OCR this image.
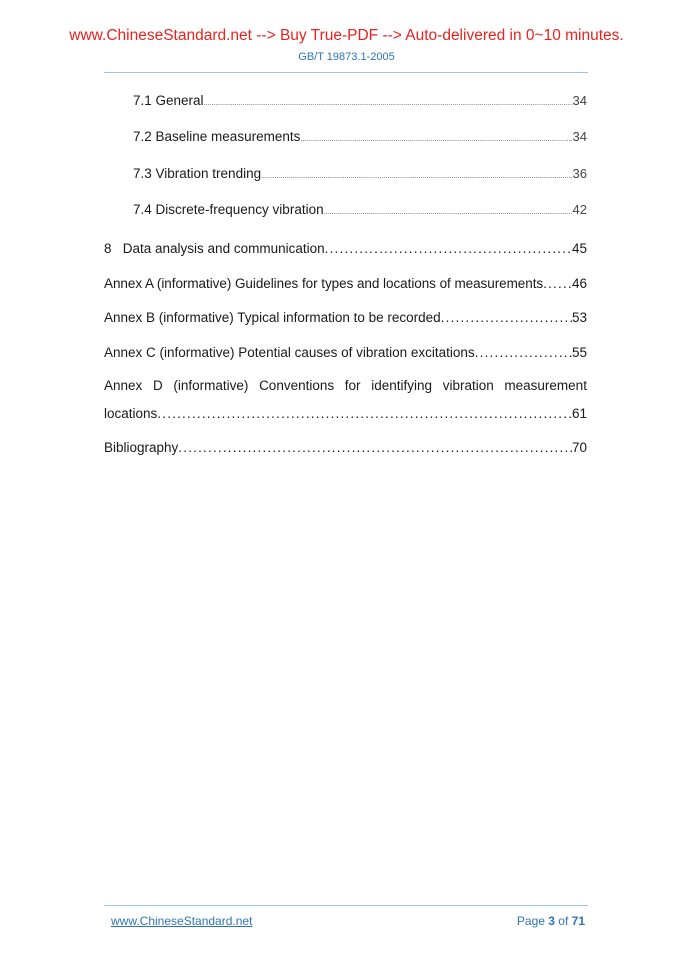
www.ChineseStandard.net --> Buy True-PDF --> Auto-delivered in 0~10 minutes.
GB/T 19873.1-2005
7.1 General .....	34
7.2 Baseline measurements .....	34
7.3 Vibration trending .....	36
7.4 Discrete-frequency vibration .....	42
8   Data analysis and communication .....	45
Annex A (informative) Guidelines for types and locations of measurements ..... 46
Annex B (informative) Typical information to be recorded .....	53
Annex C (informative) Potential causes of vibration excitations .....	55
Annex D (informative) Conventions for identifying vibration measurement
locations .....	61
Bibliography .....	70
www.ChineseStandard.net	Page 3 of 71
